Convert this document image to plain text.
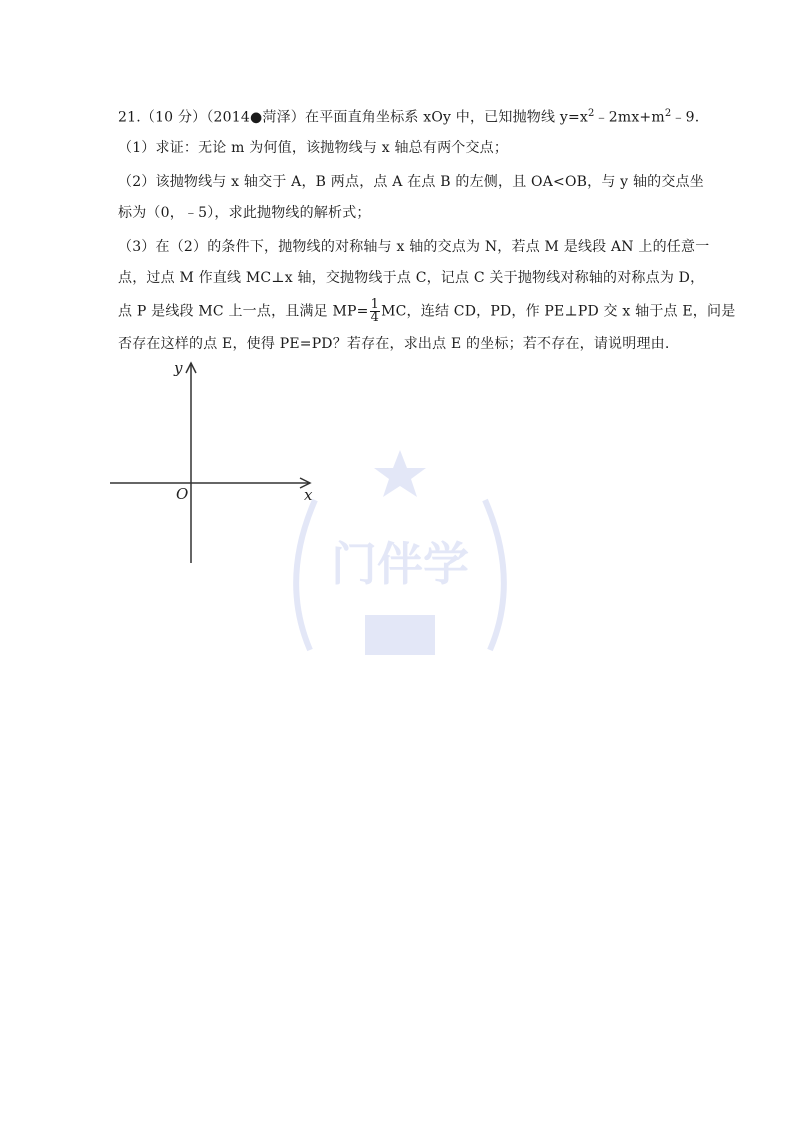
21.（10 分）（2014●菏泽）在平面直角坐标系 xOy 中，已知抛物线 $y=x^2﹣2mx+m^2﹣9$.
（1）求证：无论 m 为何值，该抛物线与 x 轴总有两个交点；
（2）该抛物线与 x 轴交于 A，B 两点，点 A 在点 B 的左侧，且 OA<OB，与 y 轴的交点坐
标为（0，﹣5），求此抛物线的解析式；
（3）在（2）的条件下，抛物线的对称轴与 x 轴的交点为 N，若点 M 是线段 AN 上的任意一
点，过点 M 作直线 MC⊥x 轴，交抛物线于点 C，记点 C 关于抛物线对称轴的对称点为 D，
点 P 是线段 MC 上一点，且满足 $MP= \frac{1}{4}$ MC，连结 CD，PD，作 PE⊥PD 交 x 轴于点 E，问是
否存在这样的点 E，使得 PE=PD？若存在，求出点 E 的坐标；若不存在，请说明理由.
门伴学
y
O	x
